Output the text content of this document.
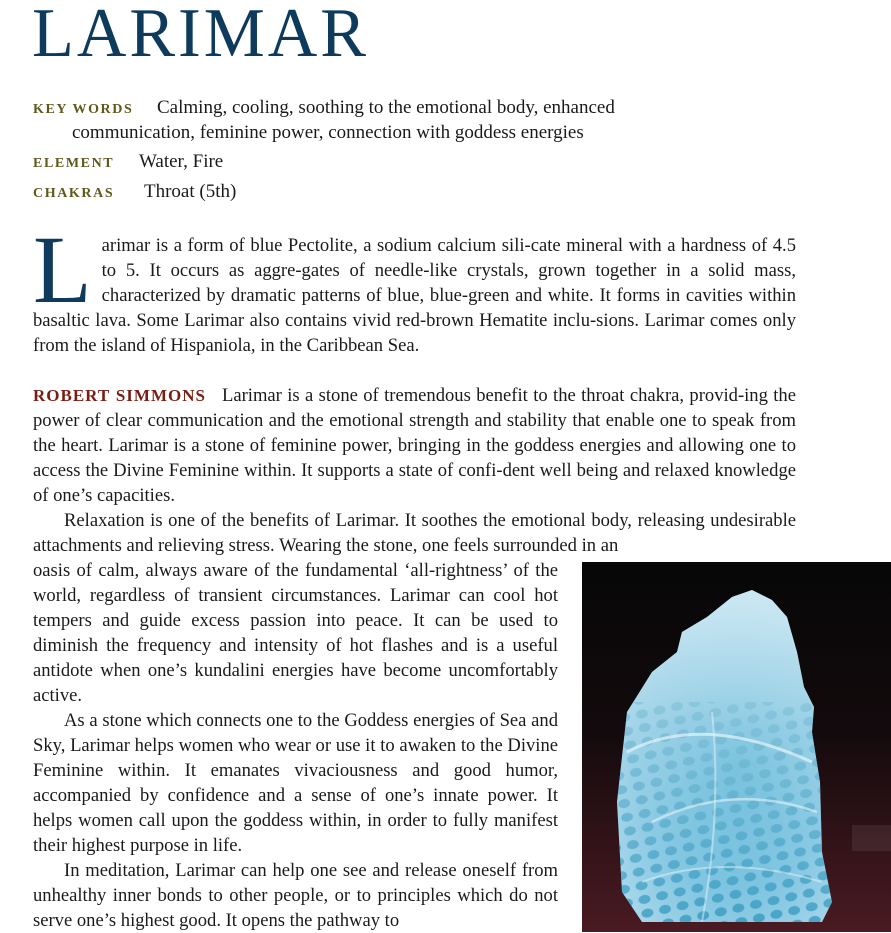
LARIMAR
KEY WORDS Calming, cooling, soothing to the emotional body, enhanced
communication, feminine power, connection with goddess energies
ELEMENT Water, Fire
CHAKRAS Throat (5th)
Larimar is a form of blue Pectolite, a sodium calcium sili-cate mineral with a hardness of 4.5 to 5. It occurs as aggre-gates of needle-like crystals, grown together in a solid mass, characterized by dramatic patterns of blue, blue-green and white. It forms in cavities within basaltic lava. Some Larimar also contains vivid red-brown Hematite inclu-sions. Larimar comes only from the island of Hispaniola, in the Caribbean Sea.

ROBERT SIMMONS Larimar is a stone of tremendous benefit to the throat chakra, provid-ing the power of clear communication and the emotional strength and stability that enable one to speak from the heart. Larimar is a stone of feminine power, bringing in the goddess energies and allowing one to access the Divine Feminine within. It supports a state of confi-dent well being and relaxed knowledge of one’s capacities.

Relaxation is one of the benefits of Larimar. It soothes the emotional body, releasing undesirable attachments and relieving stress. Wearing the stone, one feels surrounded in an

oasis of calm, always aware of the fundamental ‘all-rightness’ of the world, regardless of transient circumstances. Larimar can cool hot tempers and guide excess passion into peace. It can be used to diminish the frequency and intensity of hot flashes and is a useful antidote when one’s kundalini energies have become uncomfortably active.

As a stone which connects one to the Goddess energies of Sea and Sky, Larimar helps women who wear or use it to awaken to the Divine Feminine within. It emanates vivaciousness and good humor, accompanied by confidence and a sense of one’s innate power. It helps women call upon the goddess within, in order to fully manifest their highest purpose in life.

In meditation, Larimar can help one see and release oneself from unhealthy inner bonds to other people, or to principles which do not serve one’s highest good. It opens the pathway to
